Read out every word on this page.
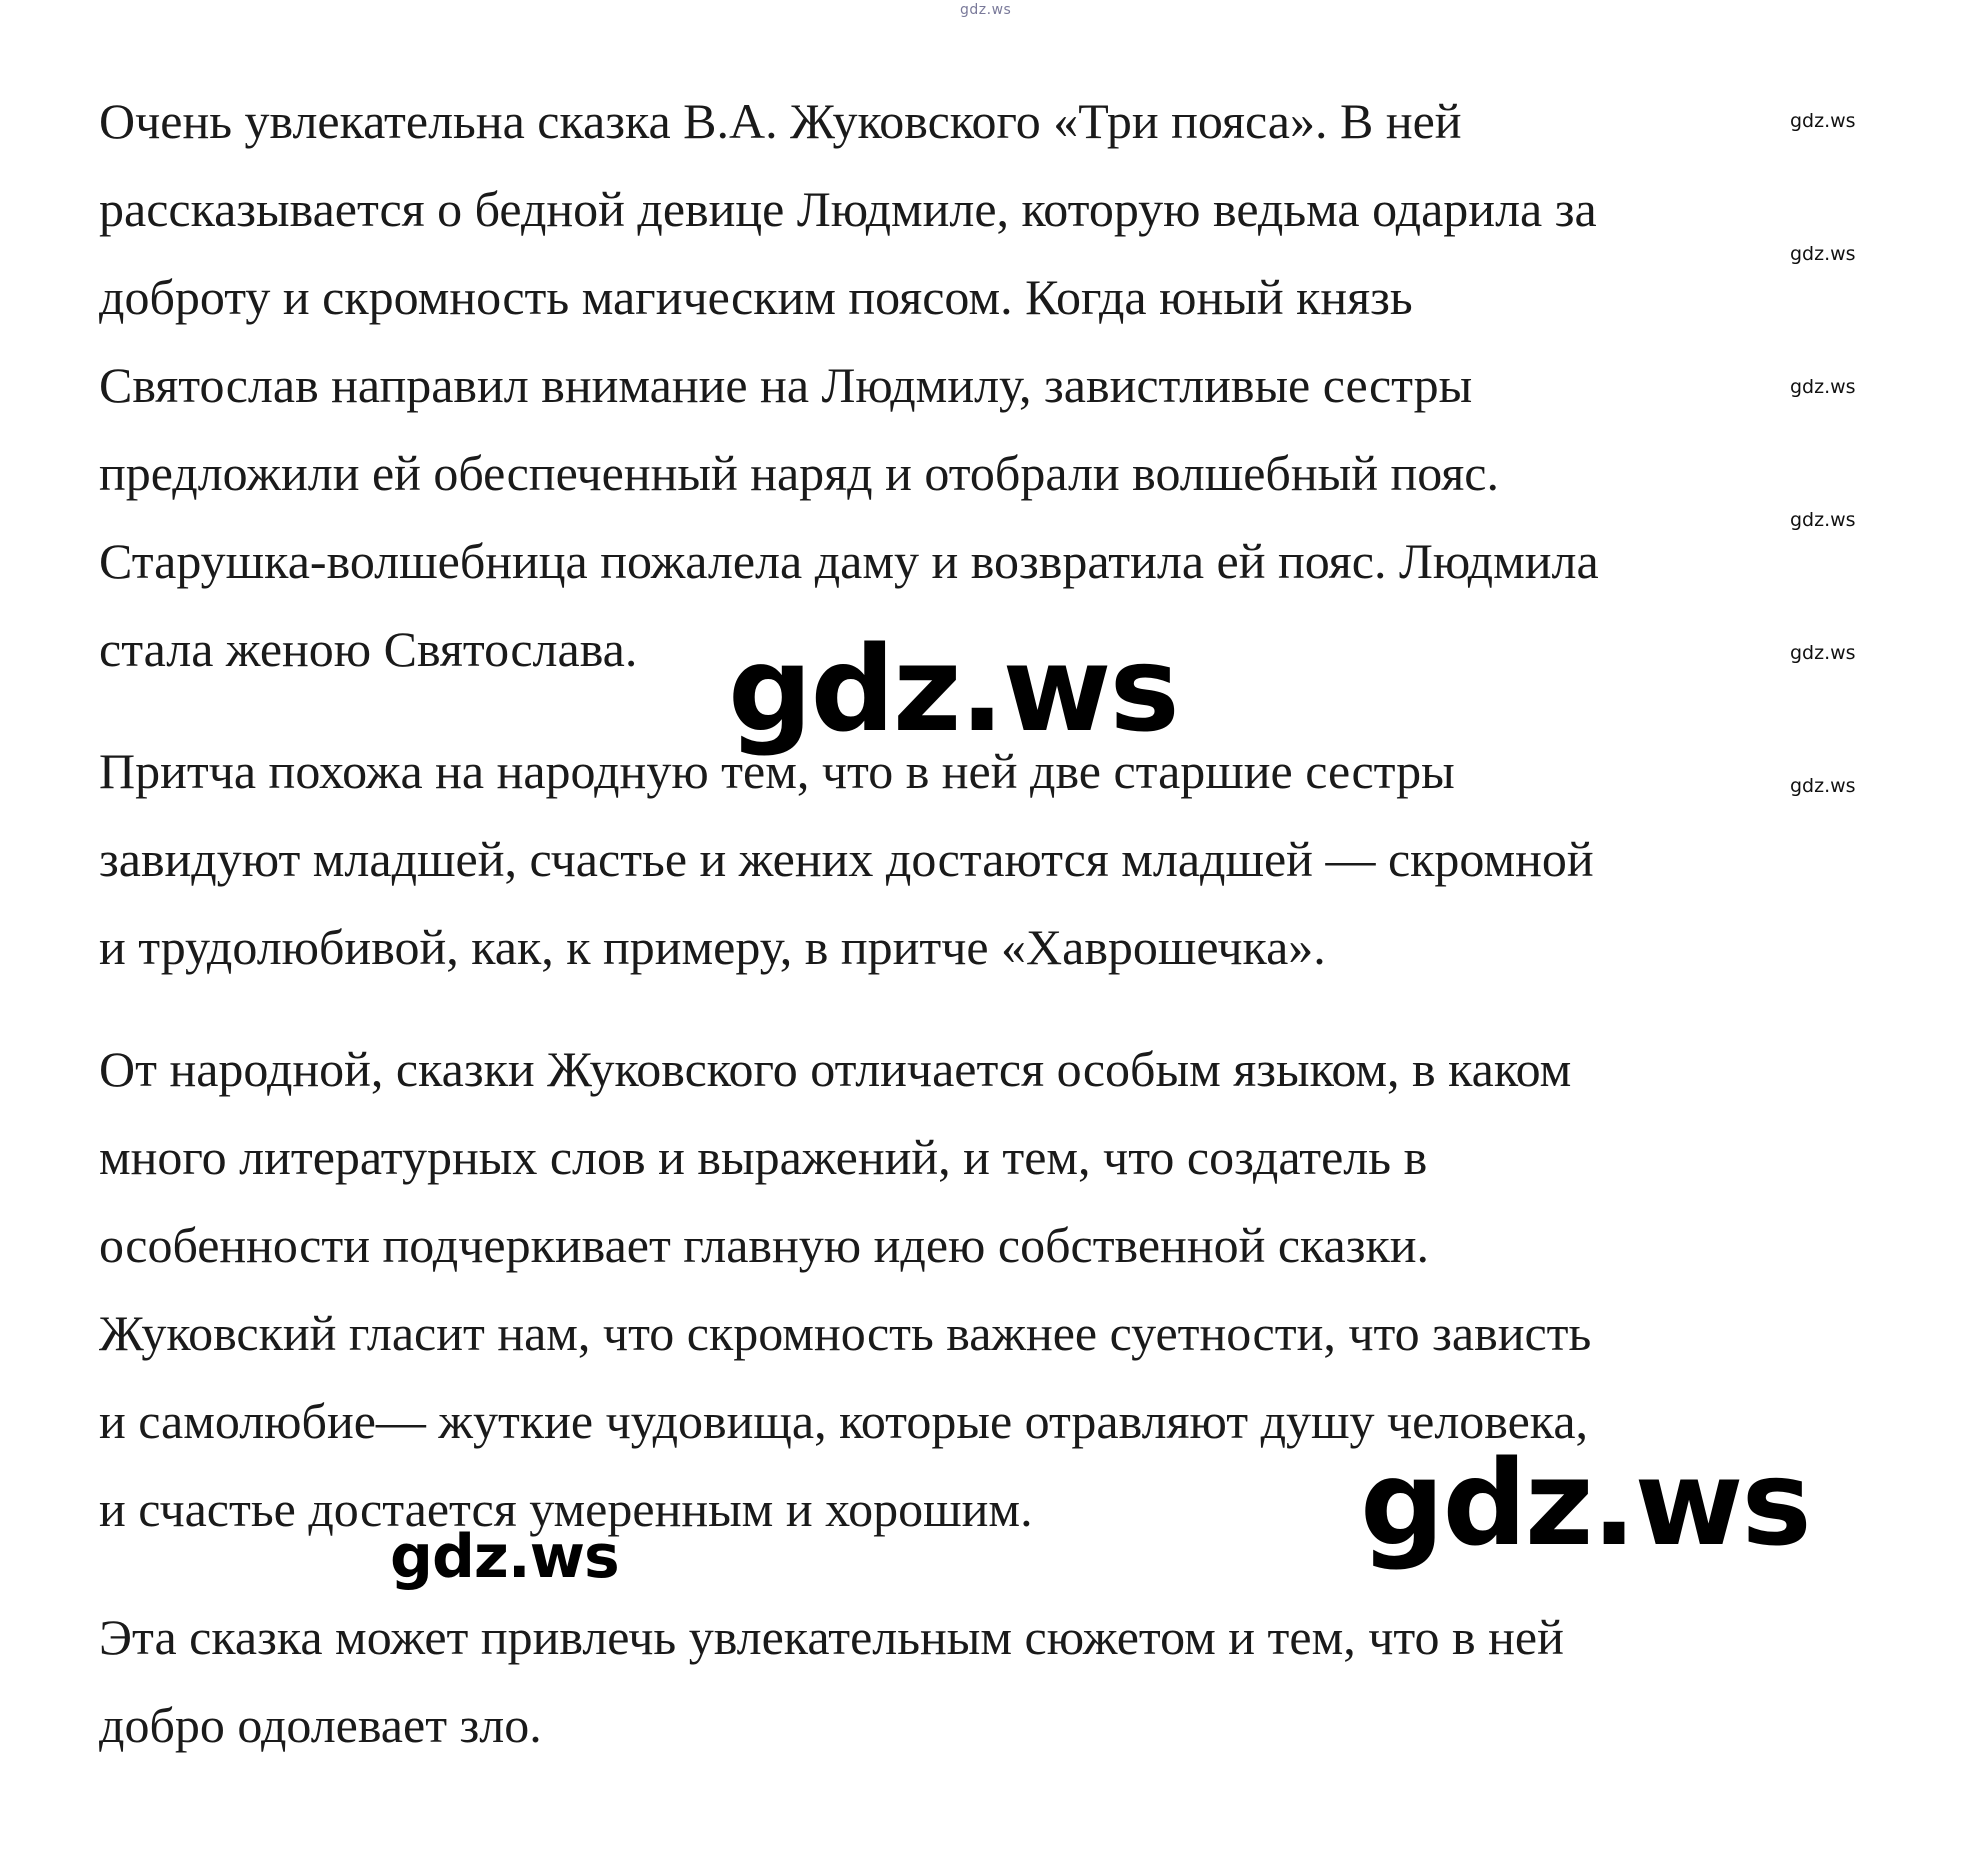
gdz.ws
Очень увлекательна сказка В.А. Жуковского «Три пояса». В ней
рассказывается о бедной девице Людмиле, которую ведьма одарила за
доброту и скромность магическим поясом. Когда юный князь
Святослав направил внимание на Людмилу, завистливые сестры
предложили ей обеспеченный наряд и отобрали волшебный пояс.
Старушка-волшебница пожалела даму и возвратила ей пояс. Людмила
стала женою Святослава.
Притча похожа на народную тем, что в ней две старшие сестры
завидуют младшей, счастье и жених достаются младшей — скромной
и трудолюбивой, как, к примеру, в притче «Хаврошечка».
От народной, сказки Жуковского отличается особым языком, в каком
много литературных слов и выражений, и тем, что создатель в
особенности подчеркивает главную идею собственной сказки.
Жуковский гласит нам, что скромность важнее суетности, что зависть
и самолюбие— жуткие чудовища, которые отравляют душу человека,
и счастье достается умеренным и хорошим.
Эта сказка может привлечь увлекательным сюжетом и тем, что в ней
добро одолевает зло.
gdz.ws
gdz.ws
gdz.ws
gdz.ws
gdz.ws
gdz.ws
gdz.ws
gdz.ws
gdz.ws
